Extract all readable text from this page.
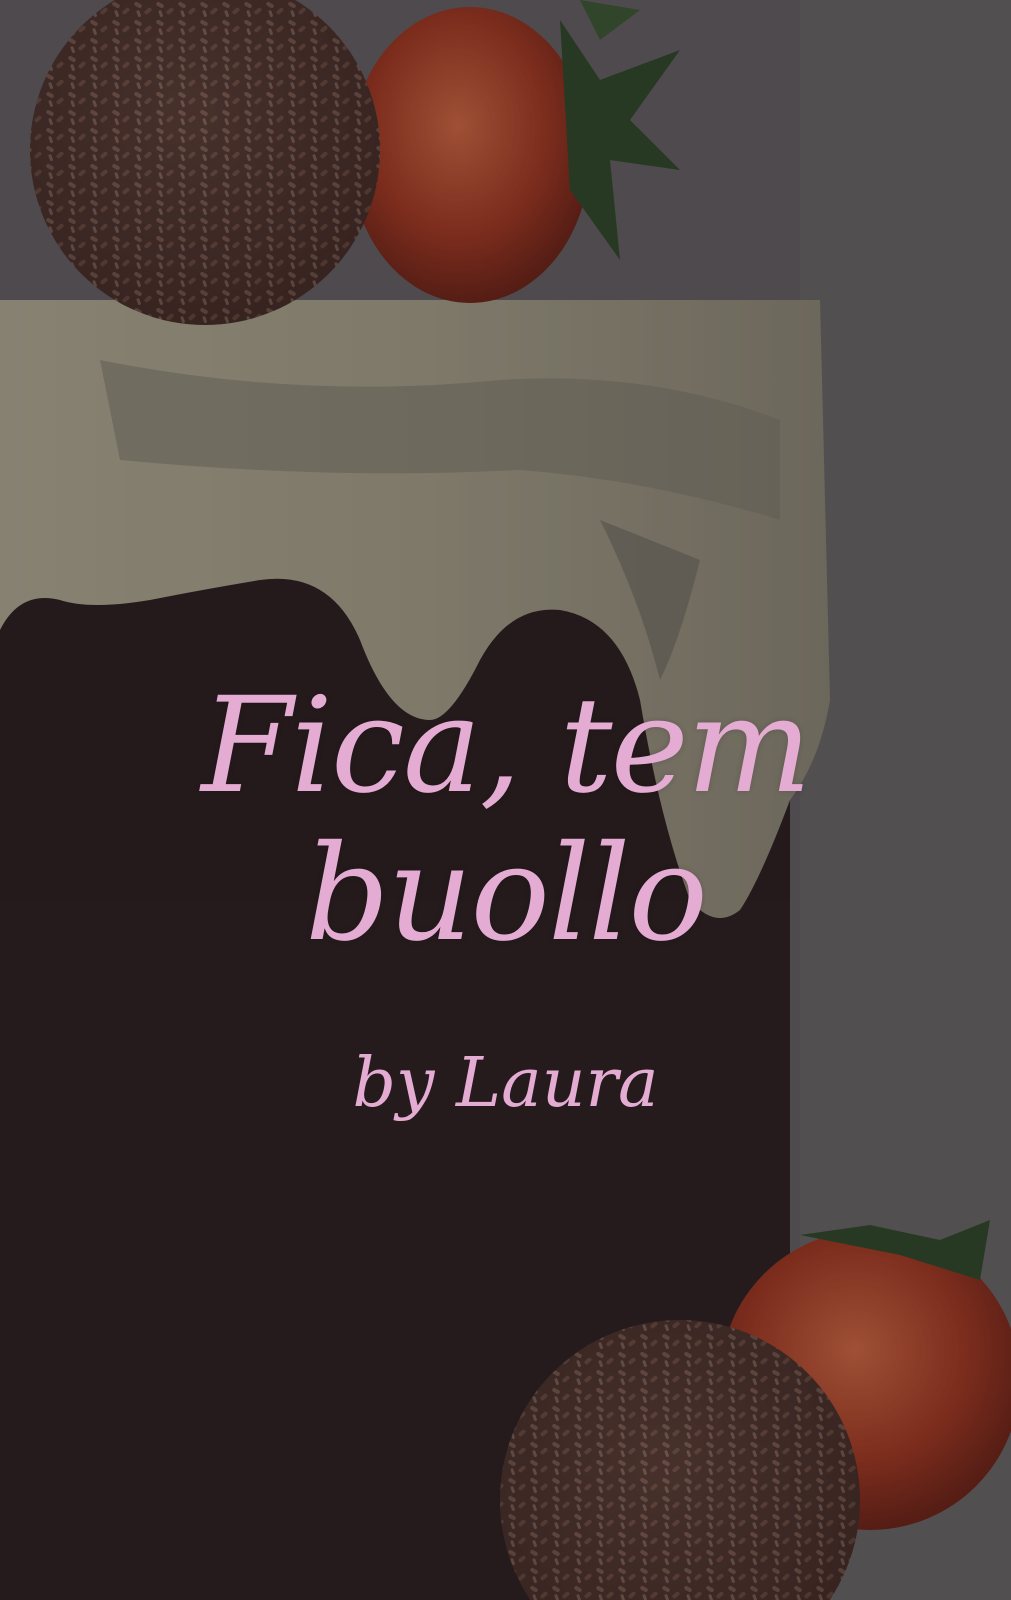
Fica, tem
buollo
by Laura
